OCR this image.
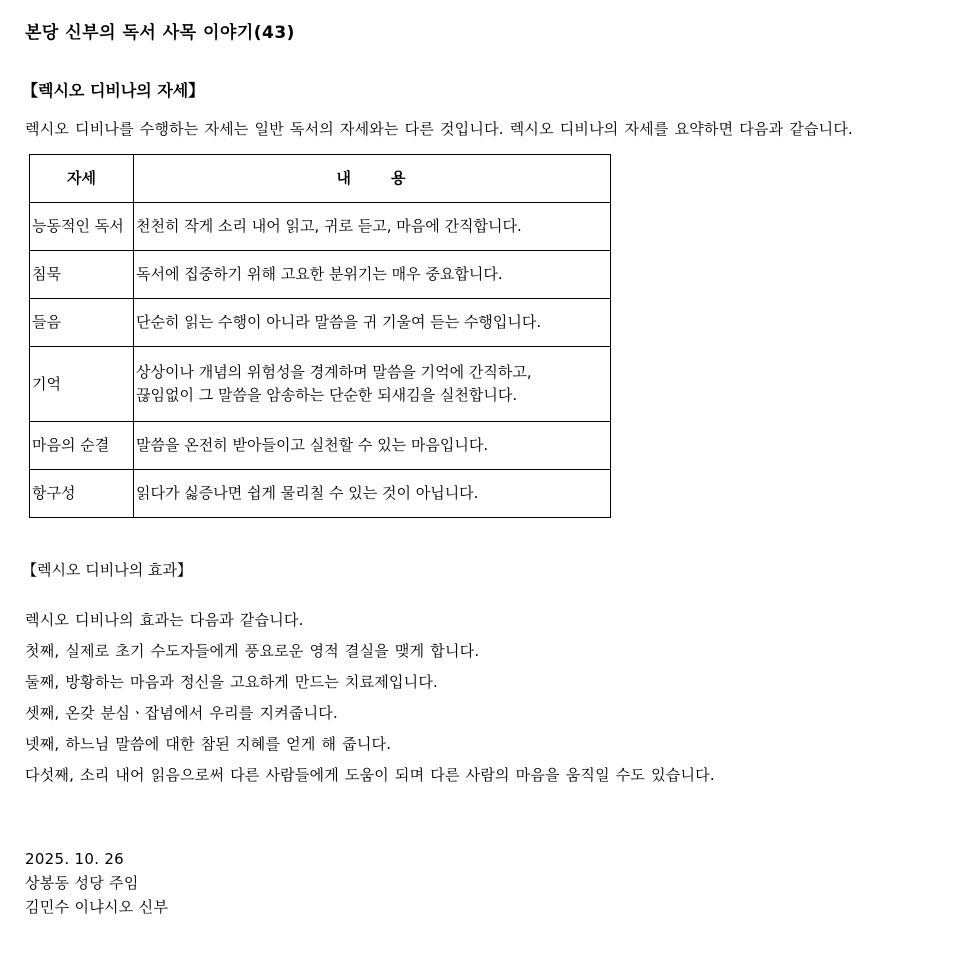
본당 신부의 독서 사목 이야기(43)
【렉시오 디비나의 자세】
렉시오 디비나를 수행하는 자세는 일반 독서의 자세와는 다른 것입니다. 렉시오 디비나의 자세를 요약하면 다음과 같습니다.
자세	내용
능동적인 독서	천천히 작게 소리 내어 읽고, 귀로 듣고, 마음에 간직합니다.

침묵	독서에 집중하기 위해 고요한 분위기는 매우 중요합니다.

들음	단순히 읽는 수행이 아니라 말씀을 귀 기울여 듣는 수행입니다.

기억	상상이나 개념의 위험성을 경계하며 말씀을 기억에 간직하고,
끊임없이 그 말씀을 암송하는 단순한 되새김을 실천합니다.

마음의 순결	말씀을 온전히 받아들이고 실천할 수 있는 마음입니다.

항구성	읽다가 싫증나면 쉽게 물리칠 수 있는 것이 아닙니다.
【렉시오 디비나의 효과】
렉시오 디비나의 효과는 다음과 같습니다.
첫째, 실제로 초기 수도자들에게 풍요로운 영적 결실을 맺게 합니다.
둘째, 방황하는 마음과 정신을 고요하게 만드는 치료제입니다.
셋째, 온갖 분심ㆍ잡념에서 우리를 지켜줍니다.
넷째, 하느님 말씀에 대한 참된 지혜를 얻게 해 줍니다.
다섯째, 소리 내어 읽음으로써 다른 사람들에게 도움이 되며 다른 사람의 마음을 움직일 수도 있습니다.
2025. 10. 26
상봉동 성당 주임
김민수 이냐시오 신부
